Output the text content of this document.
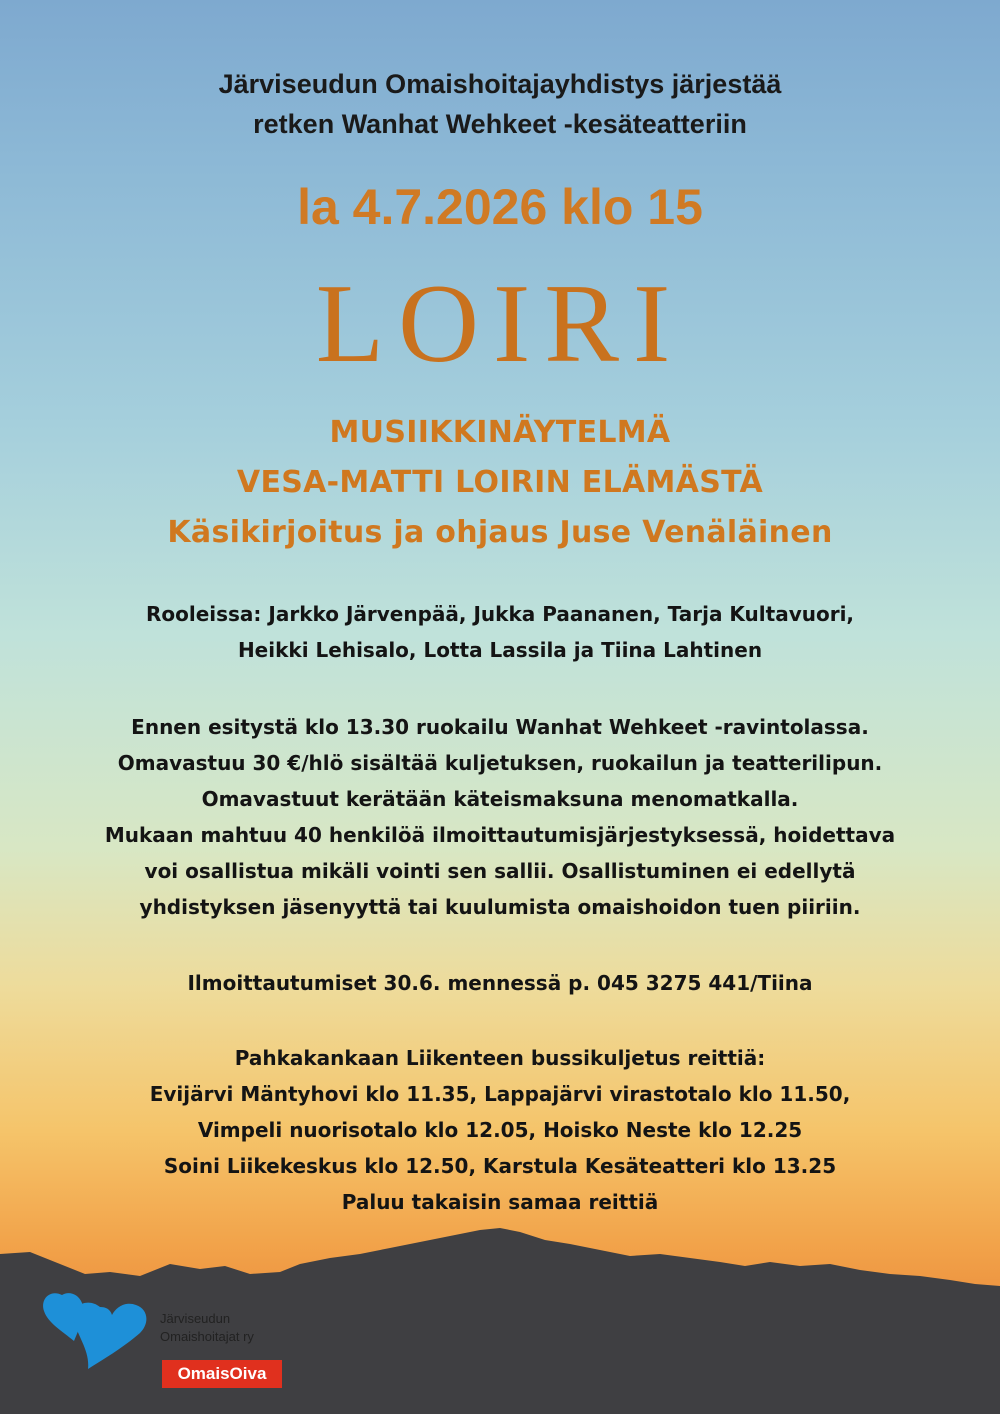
Järviseudun Omaishoitajayhdistys järjestää
retken Wanhat Wehkeet -kesäteatteriin
la 4.7.2026 klo 15
LOIRI
MUSIIKKINÄYTELMÄ
VESA-MATTI LOIRIN ELÄMÄSTÄ
Käsikirjoitus ja ohjaus Juse Venäläinen
Rooleissa: Jarkko Järvenpää, Jukka Paananen, Tarja Kultavuori,
Heikki Lehisalo, Lotta Lassila ja Tiina Lahtinen
Ennen esitystä klo 13.30 ruokailu Wanhat Wehkeet -ravintolassa.
Omavastuu 30 €/hlö sisältää kuljetuksen, ruokailun ja teatterilipun.
Omavastuut kerätään käteismaksuna menomatkalla.
Mukaan mahtuu 40 henkilöä ilmoittautumisjärjestyksessä, hoidettava
voi osallistua mikäli vointi sen sallii. Osallistuminen ei edellytä
yhdistyksen jäsenyyttä tai kuulumista omaishoidon tuen piiriin.
Ilmoittautumiset 30.6. mennessä p. 045 3275 441/Tiina
Pahkakankaan Liikenteen bussikuljetus reittiä:
Evijärvi Mäntyhovi klo 11.35, Lappajärvi virastotalo klo 11.50,
Vimpeli nuorisotalo klo 12.05, Hoisko Neste klo 12.25
Soini Liikekeskus klo 12.50, Karstula Kesäteatteri klo 13.25
Paluu takaisin samaa reittiä
Järviseudun
Omaishoitajat ry
OmaisOiva
